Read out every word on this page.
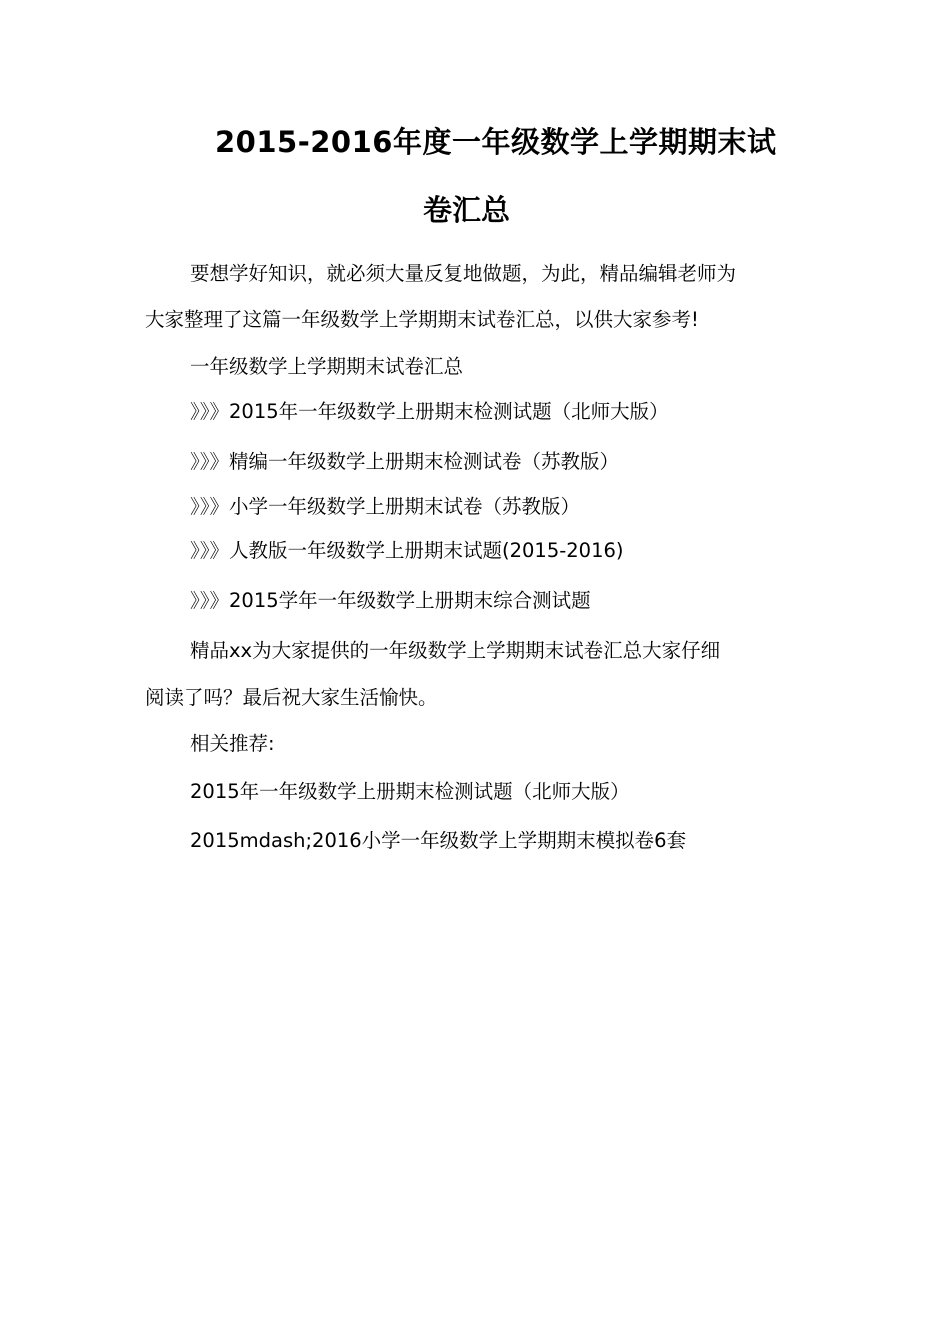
2015-2016年度一年级数学上学期期末试
卷汇总
要想学好知识，就必须大量反复地做题，为此，精品编辑老师为
大家整理了这篇一年级数学上学期期末试卷汇总，以供大家参考!
一年级数学上学期期末试卷汇总
》》》2015年一年级数学上册期末检测试题（北师大版）
》》》精编一年级数学上册期末检测试卷（苏教版）
》》》小学一年级数学上册期末试卷（苏教版）
》》》人教版一年级数学上册期末试题(2015-2016)
》》》2015学年一年级数学上册期末综合测试题
精品xx为大家提供的一年级数学上学期期末试卷汇总大家仔细
阅读了吗？最后祝大家生活愉快。
相关推荐:
2015年一年级数学上册期末检测试题（北师大版）
2015mdash;2016小学一年级数学上学期期末模拟卷6套
